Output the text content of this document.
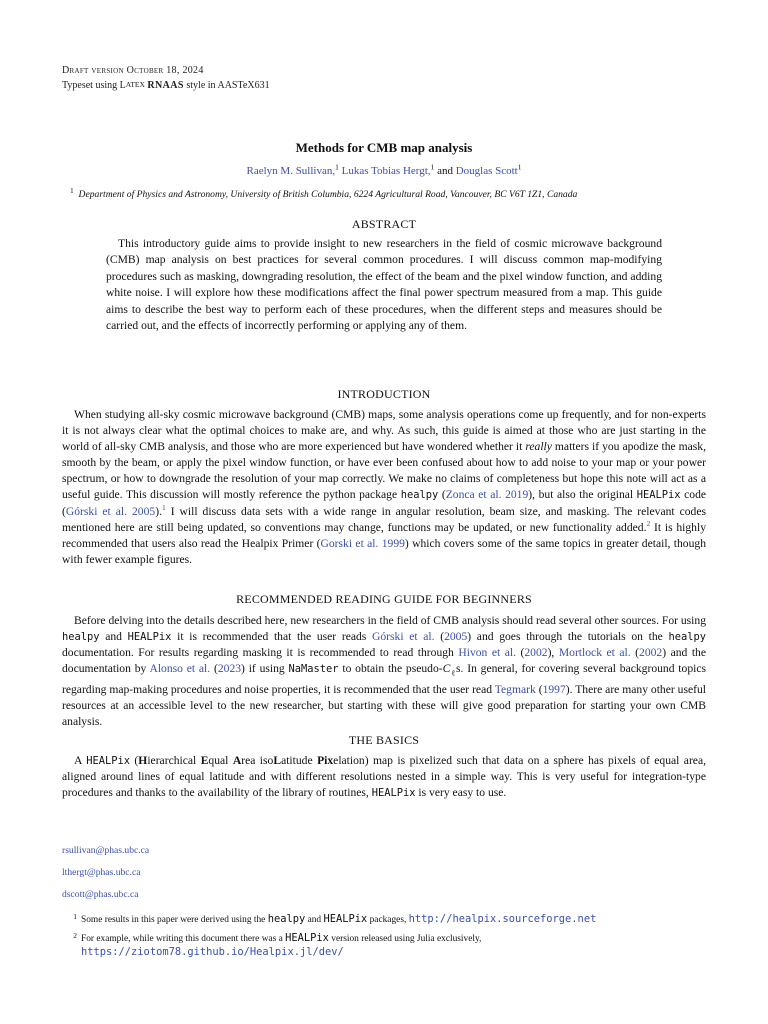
Draft version October 18, 2024
Typeset using LATEX RNAAS style in AASTeX631
Methods for CMB map analysis
Raelyn M. Sullivan,$^1$ Lukas Tobias Hergt,$^1$ and Douglas Scott$^1$
$^1$ Department of Physics and Astronomy, University of British Columbia, 6224 Agricultural Road, Vancouver, BC V6T 1Z1, Canada
ABSTRACT
This introductory guide aims to provide insight to new researchers in the field of cosmic microwave background (CMB) map analysis on best practices for several common procedures. I will discuss common map-modifying procedures such as masking, downgrading resolution, the effect of the beam and the pixel window function, and adding white noise. I will explore how these modifications affect the final power spectrum measured from a map. This guide aims to describe the best way to perform each of these procedures, when the different steps and measures should be carried out, and the effects of incorrectly performing or applying any of them.
INTRODUCTION

When studying all-sky cosmic microwave background (CMB) maps, some analysis operations come up frequently, and for non-experts it is not always clear what the optimal choices to make are, and why. As such, this guide is aimed at those who are just starting in the world of all-sky CMB analysis, and those who are more experienced but have wondered whether it really matters if you apodize the mask, smooth by the beam, or apply the pixel window function, or have ever been confused about how to add noise to your map or your power spectrum, or how to downgrade the resolution of your map correctly. We make no claims of completeness but hope this note will act as a useful guide. This discussion will mostly reference the python package healpy (Zonca et al. 2019), but also the original HEALPix code (Górski et al. 2005).$^1$ I will discuss data sets with a wide range in angular resolution, beam size, and masking. The relevant codes mentioned here are still being updated, so conventions may change, functions may be updated, or new functionality added.$^2$ It is highly recommended that users also read the Healpix Primer (Gorski et al. 1999) which covers some of the same topics in greater detail, though with fewer example figures.

RECOMMENDED READING GUIDE FOR BEGINNERS

Before delving into the details described here, new researchers in the field of CMB analysis should read several other sources. For using healpy and HEALPix it is recommended that the user reads Górski et al. (2005) and goes through the tutorials on the healpy documentation. For results regarding masking it is recommended to read through Hivon et al. (2002), Mortlock et al. (2002) and the documentation by Alonso et al. (2023) if using NaMaster to obtain the pseudo-$C_\ell s$. In general, for covering several background topics regarding map-making procedures and noise properties, it is recommended that the user read Tegmark (1997). There are many other useful resources at an accessible level to the new researcher, but starting with these will give good preparation for starting your own CMB analysis.

THE BASICS

A HEALPix (Hierarchical Equal Area isoLatitude Pixelation) map is pixelized such that data on a sphere has pixels of equal area, aligned around lines of equal latitude and with different resolutions nested in a simple way. This is very useful for integration-type procedures and thanks to the availability of the library of routines, HEALPix is very easy to use.

rsullivan@phas.ubc.ca
lthergt@phas.ubc.ca
dscott@phas.ubc.ca
1 Some results in this paper were derived using the healpy and HEALPix packages, http://healpix.sourceforge.net
2 For example, while writing this document there was a HEALPix version released using Julia exclusively, https://ziotom78.github.io/Healpix.jl/dev/
